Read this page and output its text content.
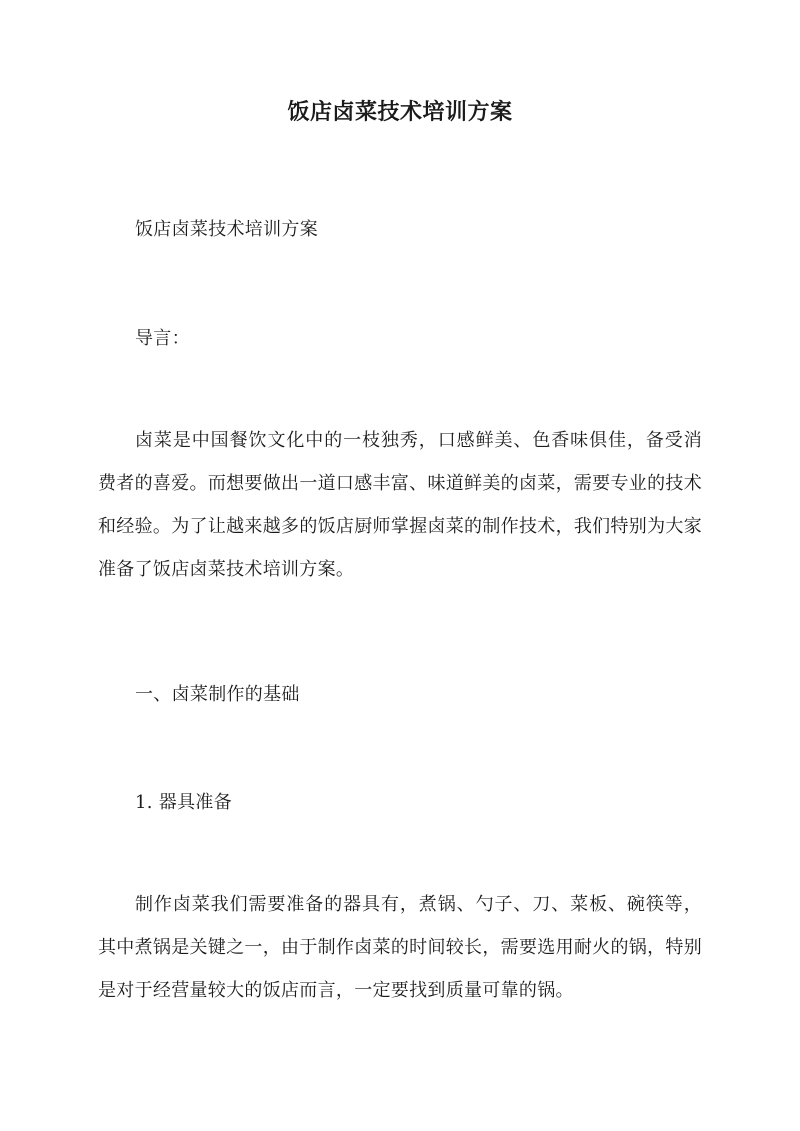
饭店卤菜技术培训方案
饭店卤菜技术培训方案
导言：
卤菜是中国餐饮文化中的一枝独秀，口感鲜美、色香味俱佳，备受消费者的喜爱。而想要做出一道口感丰富、味道鲜美的卤菜，需要专业的技术和经验。为了让越来越多的饭店厨师掌握卤菜的制作技术，我们特别为大家准备了饭店卤菜技术培训方案。
一、卤菜制作的基础
1. 器具准备
制作卤菜我们需要准备的器具有，煮锅、勺子、刀、菜板、碗筷等，其中煮锅是关键之一，由于制作卤菜的时间较长，需要选用耐火的锅，特别是对于经营量较大的饭店而言，一定要找到质量可靠的锅。
